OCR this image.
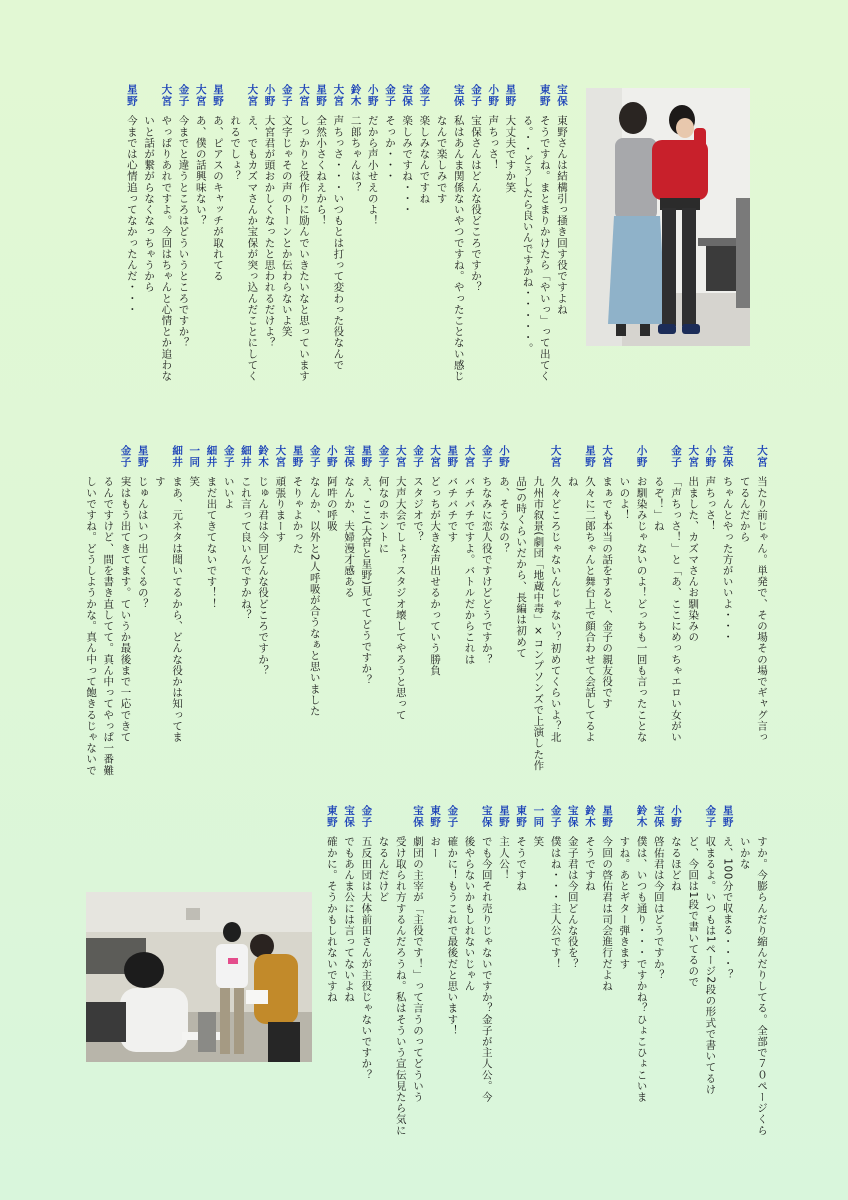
宝保
東野さんは結構引っ掻き回す役ですよね
東野
そうですね。まとまりかけたら「やいっ」って出てく
る。・・どうしたら良いんですかね・・・・・。
星野
大丈夫ですか笑
小野
声ちっさ！
金子
宝保さんはどんな役どころですか？
宝保
私はあんま関係ないやつですね。やったことない感じ
なんで楽しみです
金子
楽しみなんですね
宝保
楽しみですね・・・
金子
そっか・・・
小野
だから声小せえのよ！
鈴木
二郎ちゃんは？
大宮
声ちっさ・・・いつもとは打って変わった役なんで
星野
全然小さくねえから！
大宮
しっかりと役作りに励んでいきたいなと思っています
金子
文字じゃその声のトーンとか伝わらないよ笑
小野
大宮君が頭おかしくなったと思われるだけよ？
大宮
え、でもカズマさんか宝保が突っ込んだことにしてく
れるでしょ？
星野
あ、ピアスのキャッチが取れてる
大宮
あ、僕の話興味ない？
金子
今までと違うところはどういうところですか？
大宮
やっぱりあれですよ。今回はちゃんと心情とか追わな
いと話が繋がらなくなっちゃうから
星野
今までは心情追ってなかったんだ・・・
大宮
当たり前じゃん。単発で、その場その場でギャグ言っ
てるんだから
宝保
ちゃんとやった方がいいよ・・・
小野
声ちっさ！
大宮
出ました、カズマさんお馴染みの
金子
「声ちっさ！」と「あ、ここにめっちゃエロい女がい
るぞ！」ね
小野
お馴染みじゃないのよ！どっちも一回も言ったことな
いのよ！
大宮
まぁでも本当の話をすると、金子の親友役です
星野
久々に二郎ちゃんと舞台上で顔合わせて会話してるよ
ね
大宮
久々どころじゃないんじゃない？初めてくらいよ？北
九州市叙景(劇団「地蔵中毒」×コンプソンズで上演した作
品)の時くらいだから、長編は初めて
小野
あ、そうなの？
金子
ちなみに恋人役ですけどどうですか？
大宮
バチバチですよ。バトルだからこれは
星野
バチバチです
大宮
どっちが大きな声出せるかっていう勝負
金子
スタジオで？
大宮
大声大会でしょ？スタジオ壊してやろうと思って
金子
何なのホントに
星野
え、ここ(大宮と星野)見ててどうですか？
宝保
なんか、夫婦漫才感ある
小野
阿吽の呼吸
金子
なんか、以外と2人呼吸が合うなぁと思いました
星野
そりゃよかった
大宮
頑張りまーす
鈴木
じゅん君は今回どんな役どころですか？
細井
これ言って良いんですかね？
金子
いいよ
細井
まだ出てきてないです！！
一同
笑
細井
まあ、元ネタは聞いてるから、どんな役かは知ってま
す
星野
じゅんはいつ出てくるの？
金子
実はもう出てきてます。ていうか最後まで一応できて
るんですけど、間を書き直してて。真ん中ってやっぱ一番難
しいですね。どうしようかな。真ん中って飽きるじゃないで
すか。今膨らんだり縮んだりしてる。全部で７０ページくら
いかな
星野
え、100分で収まる・・・？
金子
収まるよ。いつもは1ページ2段の形式で書いてるけ
ど、今回は1段で書いてるので
小野
なるほどね
宝保
啓佑君は今回はどうですか？
鈴木
僕は、いつも通り・・・ですかね？ひょこひょこいま
すね。あとギター弾きます
星野
今回の啓佑君は司会進行だよね
鈴木
そうですね
宝保
金子君は今回どんな役を？
金子
僕はね・・・主人公です！
一同
笑
東野
そうですね
星野
主人公！
宝保
でも今回それ売りじゃないですか？金子が主人公。今
後やらないかもしれないじゃん
金子
確かに！もうこれで最後だと思います！
東野
おー
宝保
劇団の主宰が「主役です！」って言うのってどういう
受け取られ方するんだろうね。私はそういう宣伝見たら気に
なるんだけど
金子
五反田団は大体前田さんが主役じゃないですか？
宝保
でもあんま公には言ってないよね
東野
確かに。そうかもしれないですね
